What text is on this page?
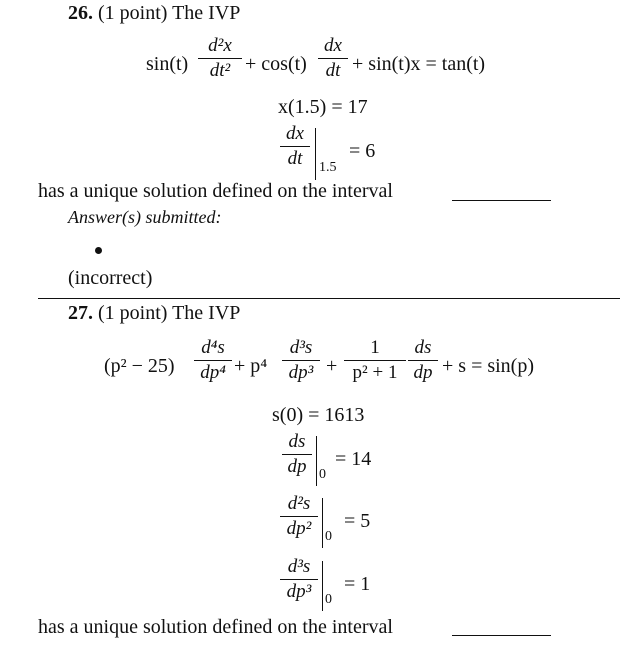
26. (1 point) The IVP
sin(t)
d²x
dt² + cos(t)
dx
dt + sin(t)x = tan(t)
x(1.5) = 17
dx
dt	1.5
= 6
has a unique solution defined on the interval
Answer(s) submitted:
(incorrect)
27. (1 point) The IVP
(p² − 25)
d⁴s
dp⁴ + p⁴
d³s
dp³ +
1
p² + 1
ds
dp + s = sin(p)
s(0) = 1613
ds
dp 0
= 14
d²s
dp² 0
= 5
d³s
dp³ 0
= 1
has a unique solution defined on the interval
